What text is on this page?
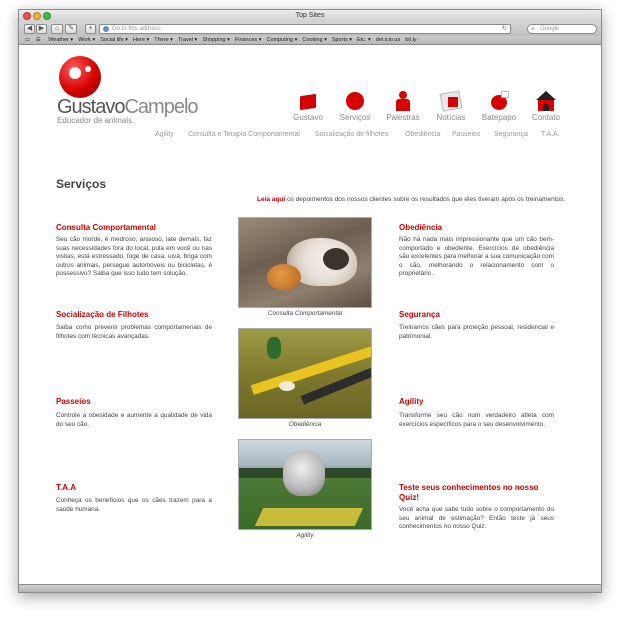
Top Sites
◀ ▶	⌂	✎	+	Go to this address	↻	⌕ Google
▭ ☰ Weather ▾ Work ▾ Social life ▾ Here ▾ There ▾ Travel ▾ Shopping ▾ Finances ▾ Computing ▾ Cooking ▾ Sports ▾ Etc. ▾ del.icio.us bit.ly
GustavoCampelo
Educador de animais.	Gustavo	Serviços	Palestras	Notícias	Batepapo	Contato
Agility Consulta e Terapia Comportamental Socialização de filhotes Obediência Passeios Segurança T.A.A.
Serviços
Leia aqui os depoimentos dos nossos clientes sobre os resultados que eles tiveram após os treinamentos.
Consulta Comportamental
Seu cão morde, é medroso, ansioso, late demais, faz suas necessidades fora do local, pula em você ou nas visitas, está estressado, foge de casa, uiva, briga com outros animais, persegue automóveis ou bicicletas, é possessivo? Saiba que isso tudo tem solução.
Socialização de Filhotes
Saiba como prevenir problemas comportamenais de filhotes com técnicas avançadas.
Passeios
Controle a obesidade e aumente a qualidade de vida do seu cão.
T.A.A
Conheça os benefícios que os cães trazem para a saúde humana.
Consulta Comportamental
Obediência
Agility
Obediência
Não há nada mais impressionante que um cão bem-comportado e obediente. Exercícios de obediência são excelentes para melhorar a sua comunicação com o cão, melhorando o relacionamento com o proprietário.
Segurança
Treinamos cães para proteção pessoal, residencial e patrimonial.
Agility
Transforme seu cão num verdadeiro atleta com exercícios específicos para o seu desenvolvimento.
Teste seus conhecimentos no nosso Quiz!
Você acha que sabe tudo sobre o comportamento do seu animal de estimação? Então teste já seus conhecimentos no nosso Quiz.
